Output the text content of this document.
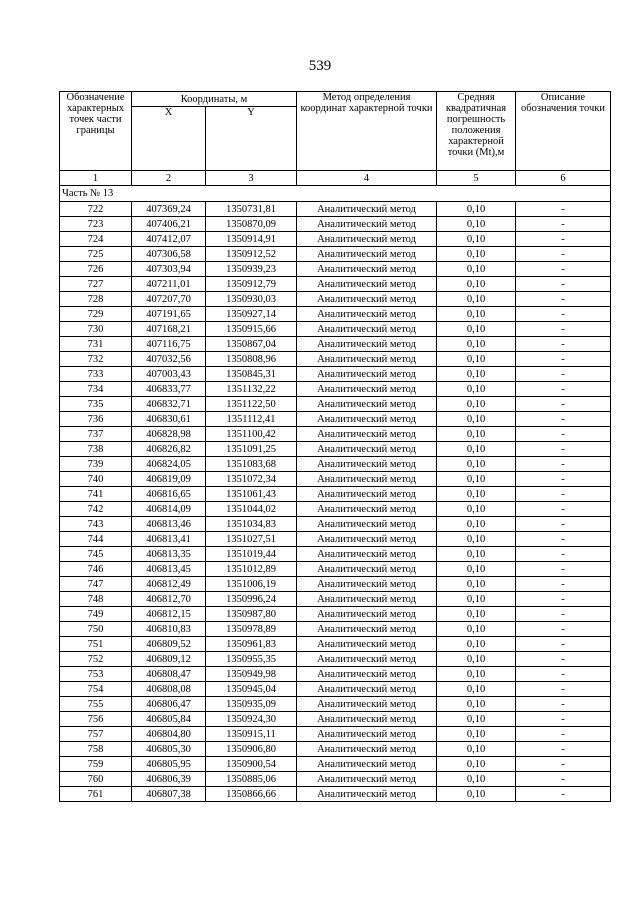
539
Обозначение характерных точек части границы	Координаты, м		Метод определения координат характерной точки	Средняя квадратичная погрешность положения характерной точки (Mt),м	Описание обозначения точки
	X	Y			
1	2	3	4	5	6
Часть № 13					
722	407369,24	1350731,81	Аналитический метод	0,10	-
723	407406,21	1350870,09	Аналитический метод	0,10	-
724	407412,07	1350914,91	Аналитический метод	0,10	-
725	407306,58	1350912,52	Аналитический метод	0,10	-
726	407303,94	1350939,23	Аналитический метод	0,10	-
727	407211,01	1350912,79	Аналитический метод	0,10	-
728	407207,70	1350930,03	Аналитический метод	0,10	-
729	407191,65	1350927,14	Аналитический метод	0,10	-
730	407168,21	1350915,66	Аналитический метод	0,10	-
731	407116,75	1350867,04	Аналитический метод	0,10	-
732	407032,56	1350808,96	Аналитический метод	0,10	-
733	407003,43	1350845,31	Аналитический метод	0,10	-
734	406833,77	1351132,22	Аналитический метод	0,10	-
735	406832,71	1351122,50	Аналитический метод	0,10	-
736	406830,61	1351112,41	Аналитический метод	0,10	-
737	406828,98	1351100,42	Аналитический метод	0,10	-
738	406826,82	1351091,25	Аналитический метод	0,10	-
739	406824,05	1351083,68	Аналитический метод	0,10	-
740	406819,09	1351072,34	Аналитический метод	0,10	-
741	406816,65	1351061,43	Аналитический метод	0,10	-
742	406814,09	1351044,02	Аналитический метод	0,10	-
743	406813,46	1351034,83	Аналитический метод	0,10	-
744	406813,41	1351027,51	Аналитический метод	0,10	-
745	406813,35	1351019,44	Аналитический метод	0,10	-
746	406813,45	1351012,89	Аналитический метод	0,10	-
747	406812,49	1351006,19	Аналитический метод	0,10	-
748	406812,70	1350996,24	Аналитический метод	0,10	-
749	406812,15	1350987,80	Аналитический метод	0,10	-
750	406810,83	1350978,89	Аналитический метод	0,10	-
751	406809,52	1350961,83	Аналитический метод	0,10	-
752	406809,12	1350955,35	Аналитический метод	0,10	-
753	406808,47	1350949,98	Аналитический метод	0,10	-
754	406808,08	1350945,04	Аналитический метод	0,10	-
755	406806,47	1350935,09	Аналитический метод	0,10	-
756	406805,84	1350924,30	Аналитический метод	0,10	-
757	406804,80	1350915,11	Аналитический метод	0,10	-
758	406805,30	1350906,80	Аналитический метод	0,10	-
759	406805,95	1350900,54	Аналитический метод	0,10	-
760	406806,39	1350885,06	Аналитический метод	0,10	-
761	406807,38	1350866,66	Аналитический метод	0,10	-
